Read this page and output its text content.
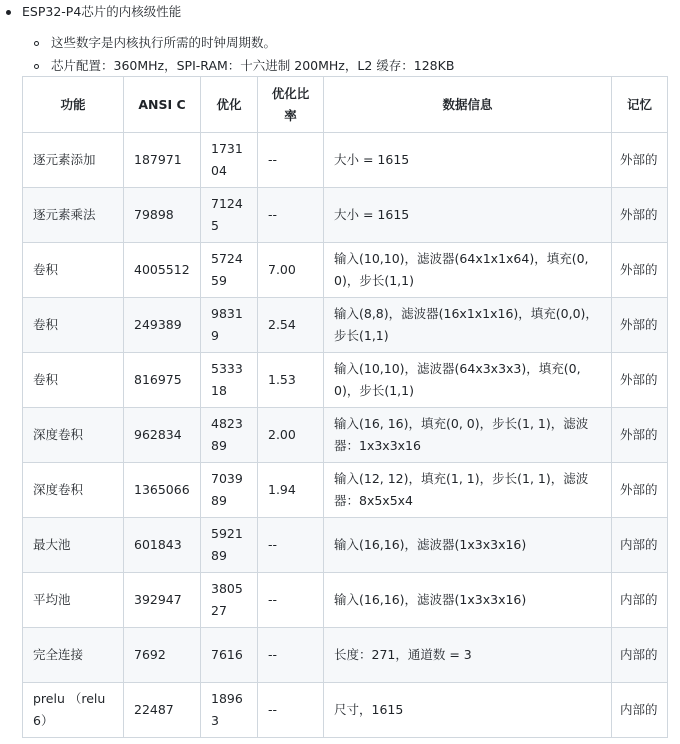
ESP32-P4芯片的内核级性能
这些数字是内核执行所需的时钟周期数。
芯片配置：360MHz，SPI-RAM：十六进制 200MHz，L2 缓存：128KB
功能	ANSI C	优化	优化比率	数据信息	记忆
逐元素添加	187971	173104	--	大小 = 1615	外部的
逐元素乘法	79898	71245	--	大小 = 1615	外部的
卷积	4005512	572459	7.00	输入(10,10)，滤波器(64x1x1x64)，填充(0,0)，步长(1,1)	外部的
卷积	249389	98319	2.54	输入(8,8)，滤波器(16x1x1x16)，填充(0,0)，步长(1,1)	外部的
卷积	816975	533318	1.53	输入(10,10)，滤波器(64x3x3x3)，填充(0,0)，步长(1,1)	外部的
深度卷积	962834	482389	2.00	输入(16, 16)，填充(0, 0)，步长(1, 1)，滤波器：1x3x3x16	外部的
深度卷积	1365066	703989	1.94	输入(12, 12)，填充(1, 1)，步长(1, 1)，滤波器：8x5x5x4	外部的
最大池	601843	592189	--	输入(16,16)，滤波器(1x3x3x16)	内部的
平均池	392947	380527	--	输入(16,16)，滤波器(1x3x3x16)	内部的
完全连接	7692	7616	--	长度：271，通道数 = 3	内部的
prelu （relu6）	22487	18963	--	尺寸，1615	内部的
